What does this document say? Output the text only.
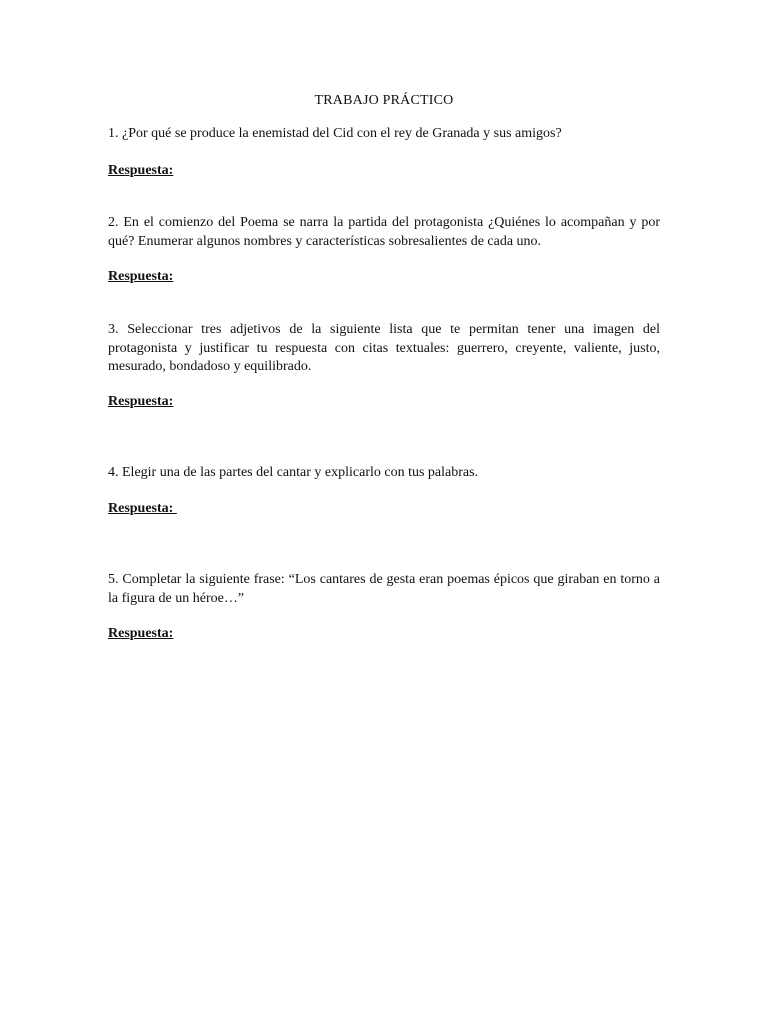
TRABAJO PRÁCTICO

1. ¿Por qué se produce la enemistad del Cid con el rey de Granada y sus amigos?

Respuesta:

2. En el comienzo del Poema se narra la partida del protagonista ¿Quiénes lo acompañan y por qué? Enumerar algunos nombres y características sobresalientes de cada uno.

Respuesta:

3. Seleccionar tres adjetivos de la siguiente lista que te permitan tener una imagen del protagonista y justificar tu respuesta con citas textuales: guerrero, creyente, valiente, justo, mesurado, bondadoso y equilibrado.

Respuesta:

4. Elegir una de las partes del cantar y explicarlo con tus palabras.

Respuesta:

5. Completar la siguiente frase: “Los cantares de gesta eran poemas épicos que giraban en torno a la figura de un héroe…”

Respuesta:
